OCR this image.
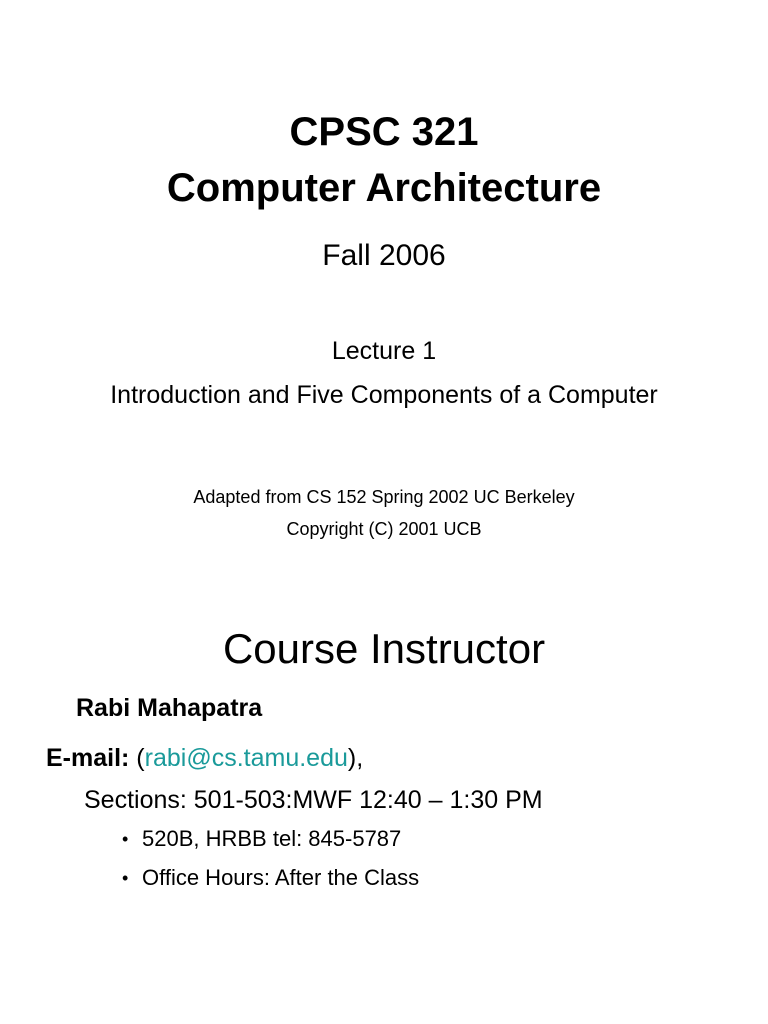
CPSC 321
Computer Architecture
Fall 2006
Lecture 1
Introduction and Five Components of a Computer
Adapted from CS 152 Spring 2002 UC Berkeley
Copyright (C) 2001 UCB
Course Instructor
Rabi Mahapatra
E-mail: (rabi@cs.tamu.edu),
Sections: 501-503:MWF 12:40 – 1:30 PM
• 520B, HRBB tel: 845-5787
• Office Hours: After the Class
